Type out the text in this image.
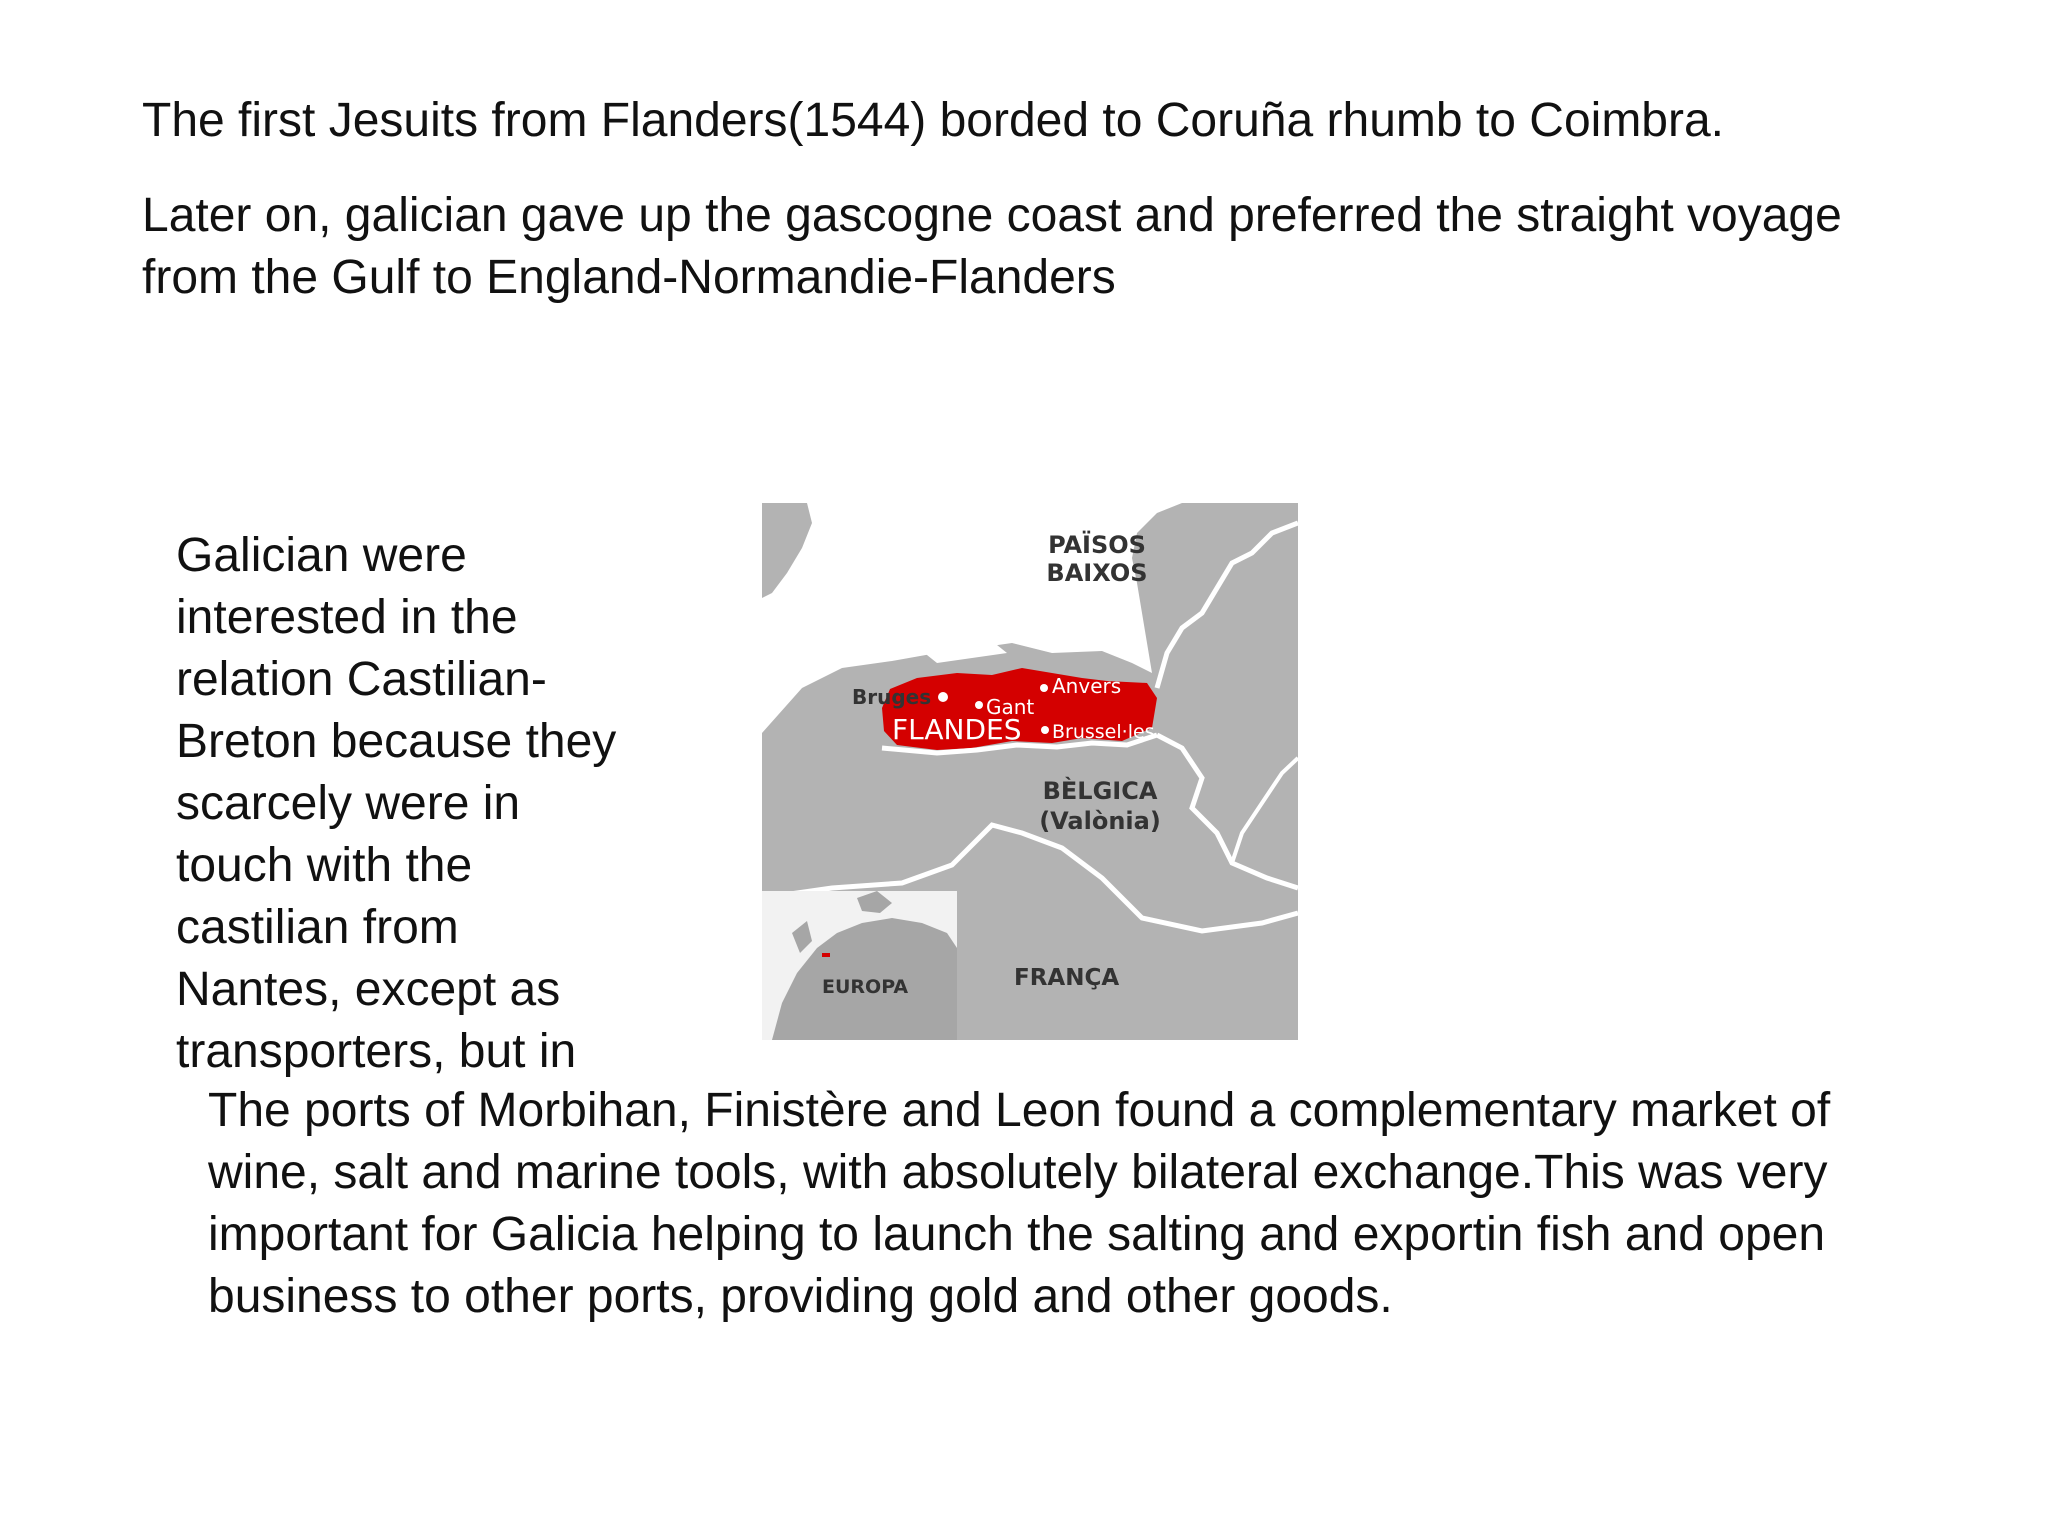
The first Jesuits from Flanders(1544) borded to Coruña rhumb to Coimbra.

Later on, galician gave up the gascogne coast and preferred the straight voyage
from the Gulf to England-Normandie-Flanders
Galician were
interested in the
relation Castilian-
Breton because they
scarcely were in
touch with the
castilian from
Nantes, except as
transporters, but in
The ports of Morbihan, Finistère and Leon found a complementary market of
wine, salt and marine tools, with absolutely bilateral exchange.This was very
important for Galicia helping to launch the salting and exportin fish and open
business to other ports, providing gold and other goods.
PAÏSOS
BAIXOS
Bruges	Gant
Anvers
FLANDES Brussel·les
BÈLGICA
(Valònia)
EUROPA	FRANÇA
